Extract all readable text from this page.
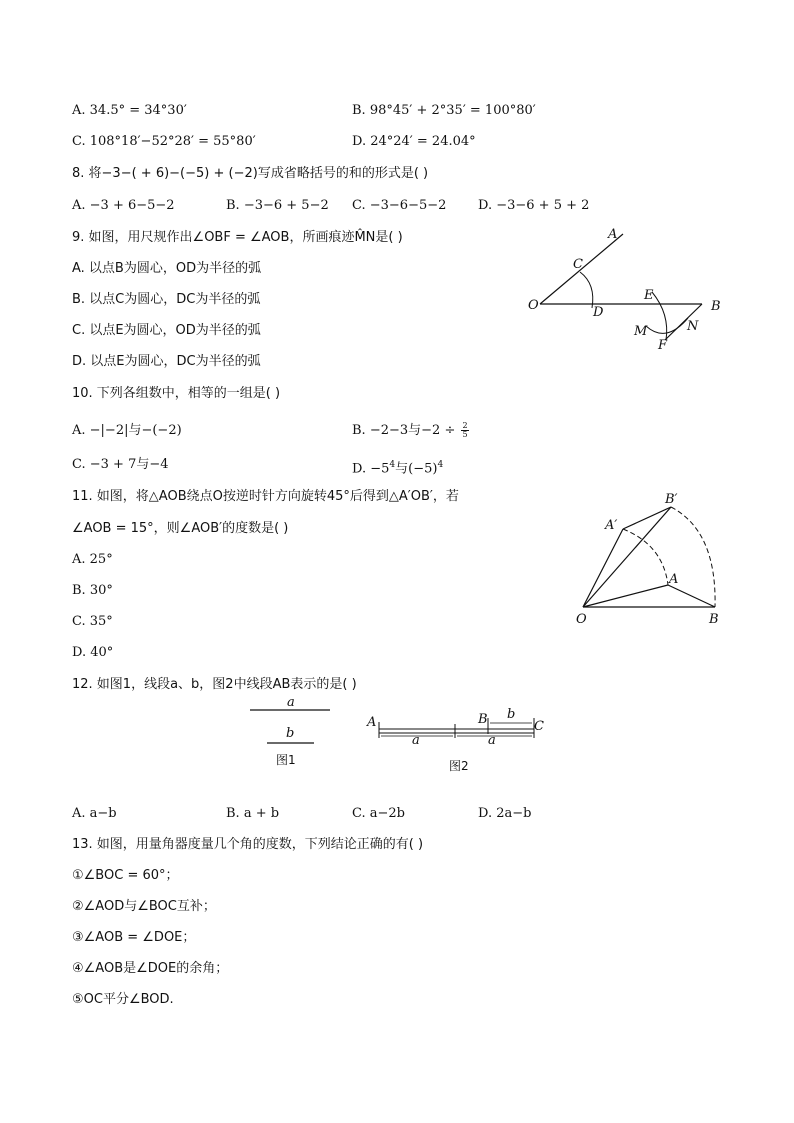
A. 34.5° = 34°30′	B. 98°45′ + 2°35′ = 100°80′
C. 108°18′−52°28′ = 55°80′	D. 24°24′ = 24.04°
8. 将−3−( + 6)−(−5) + (−2)写成省略括号的和的形式是( )
A. −3 + 6−5−2	B. −3−6 + 5−2 C. −3−6−5−2 D. −3−6 + 5 + 2
9. 如图，用尺规作出∠OBF = ∠AOB，所画痕迹M̂N是( )
A. 以点B为圆心，OD为半径的弧
B. 以点C为圆心，DC为半径的弧
C. 以点E为圆心，OD为半径的弧
D. 以点E为圆心，DC为半径的弧
A
C
O	D
E
B
M	N
F
10. 下列各组数中，相等的一组是( )
A. −|−2|与−(−2)	B. −2−3与$-2 \div \frac{2}{5}$
C. −3 + 7与−4	D. $-5^4$与$(-5)^4$
11. 如图，将△AOB绕点O按逆时针方向旋转45°后得到△A′OB′，若
∠AOB = 15°，则∠AOB′的度数是( )
A. 25°
B. 30°
C. 35°
D. 40°
B′
A′
A
O	B
12. 如图1，线段a、b，图2中线段AB表示的是( )
a
b
图1
A	B	C
b
a	a
图2
A. a−b	B. a + b	C. a−2b	D. 2a−b
13. 如图，用量角器度量几个角的度数，下列结论正确的有( )
①∠BOC = 60°；
②∠AOD与∠BOC互补；
③∠AOB = ∠DOE；
④∠AOB是∠DOE的余角；
⑤OC平分∠BOD.
